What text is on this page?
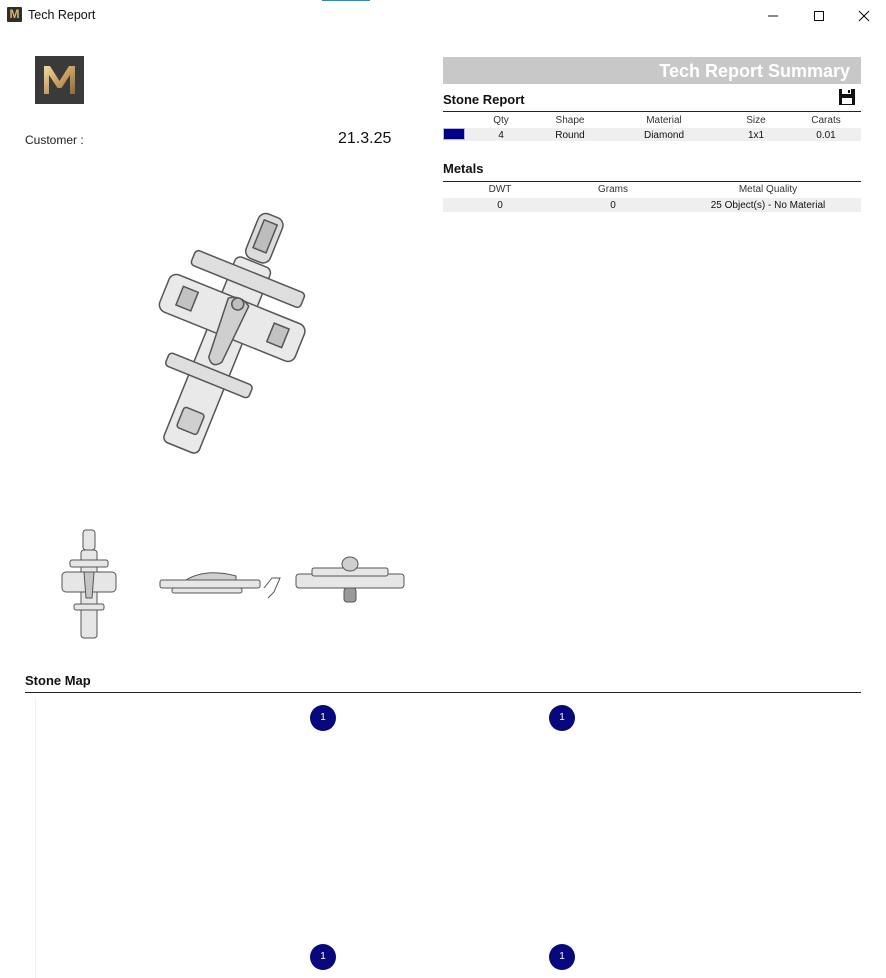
M Tech Report
Customer :	21.3.25
Tech Report Summary
Stone Report
Qty	Shape	Material	Size	Carats
4	Round	Diamond	1x1	0.01
Metals
DWT	Grams	Metal Quality
0	0	25 Object(s) - No Material
Stone Map
1	1
1	1
